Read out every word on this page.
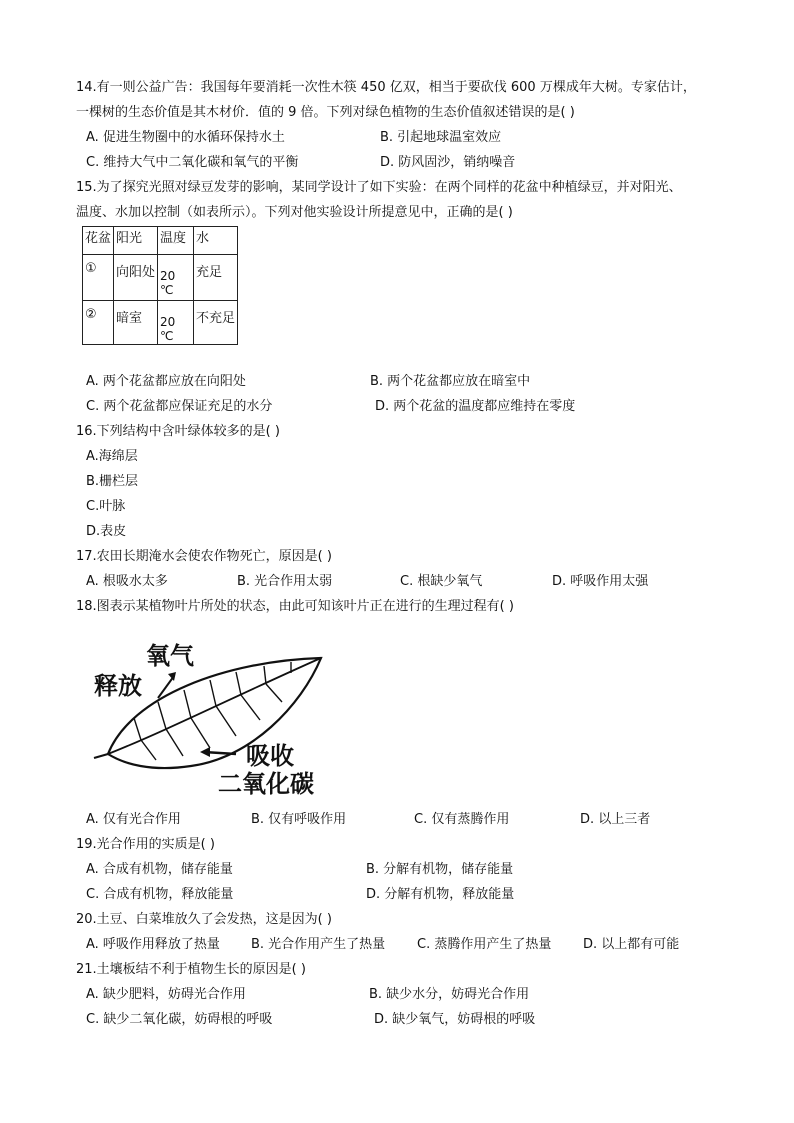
14.有一则公益广告：我国每年要消耗一次性木筷 450 亿双，相当于要砍伐 600 万棵成年大树。专家估计，
一棵树的生态价值是其木材价．值的 9 倍。下列对绿色植物的生态价值叙述错误的是( )
A. 促进生物圈中的水循环保持水土	B. 引起地球温室效应
C. 维持大气中二氧化碳和氧气的平衡	D. 防风固沙，销纳噪音
15.为了探究光照对绿豆发芽的影响，某同学设计了如下实验：在两个同样的花盆中种植绿豆，并对阳光、
温度、水加以控制（如表所示）。下列对他实验设计所提意见中，正确的是( )
花盆	阳光	温度	水
①	向阳处	20 ℃	充足
②	暗室	20 ℃	不充足
A. 两个花盆都应放在向阳处	B. 两个花盆都应放在暗室中
C. 两个花盆都应保证充足的水分	D. 两个花盆的温度都应维持在零度
16.下列结构中含叶绿体较多的是( )
A.海绵层
B.栅栏层
C.叶脉
D.表皮
17.农田长期淹水会使农作物死亡，原因是( )
A. 根吸水太多	B. 光合作用太弱	C. 根缺少氧气	D. 呼吸作用太强
18.图表示某植物叶片所处的状态，由此可知该叶片正在进行的生理过程有( )
氧气
释放
吸收
二氧化碳
A. 仅有光合作用	B. 仅有呼吸作用	C. 仅有蒸腾作用	D. 以上三者
19.光合作用的实质是( )
A. 合成有机物，储存能量	B. 分解有机物，储存能量
C. 合成有机物，释放能量	D. 分解有机物，释放能量
20.土豆、白菜堆放久了会发热，这是因为( )
A. 呼吸作用释放了热量 B. 光合作用产生了热量 C. 蒸腾作用产生了热量 D. 以上都有可能
21.土壤板结不利于植物生长的原因是( )
A. 缺少肥料，妨碍光合作用	B. 缺少水分，妨碍光合作用
C. 缺少二氧化碳，妨碍根的呼吸	D. 缺少氧气，妨碍根的呼吸
